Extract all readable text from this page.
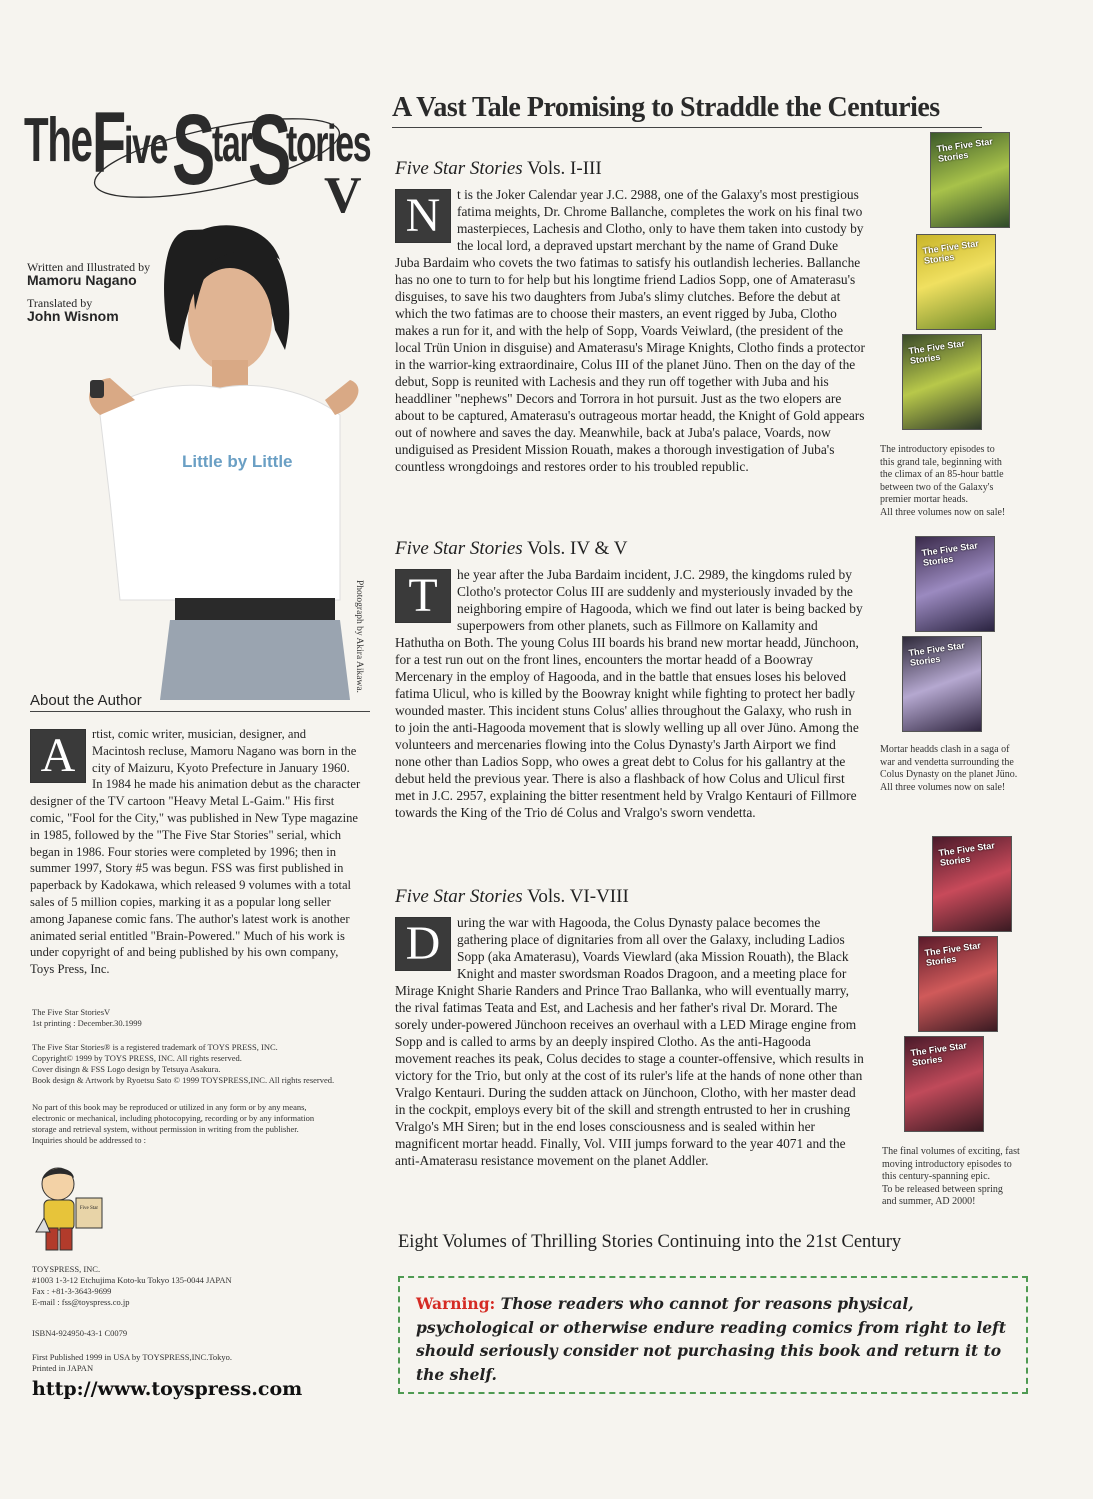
The F ive S
tar
S
tories
V
Written and Illustrated by
Mamoru Nagano
Translated by
John Wisnom
Little by Little
Photograph by Akira Aikawa.
About the Author
A	rtist, comic writer, musician, designer, and Macintosh recluse, Mamoru Nagano was born in the city of Maizuru, Kyoto Prefecture in January 1960. In 1984 he made his animation debut as the character designer of the TV cartoon "Heavy Metal L-Gaim." His first comic, "Fool for the City," was published in New Type magazine in 1985, followed by the "The Five Star Stories" serial, which began in 1986. Four stories were completed by 1996; then in summer 1997, Story #5 was begun. FSS was first published in paperback by Kadokawa, which released 9 volumes with a total sales of 5 million copies, marking it as a popular long seller among Japanese comic fans. The author's latest work is another animated serial entitled "Brain-Powered." Much of his work is under copyright of and being published by his own company, Toys Press, Inc.
The Five Star StoriesV
1st printing : December.30.1999
The Five Star Stories® is a registered trademark of TOYS PRESS, INC.
Copyright© 1999 by TOYS PRESS, INC. All rights reserved.
Cover disingn & FSS Logo design by Tetsuya Asakura.
Book design & Artwork by Ryoetsu Sato © 1999 TOYSPRESS,INC. All rights reserved.
No part of this book may be reproduced or utilized in any form or by any means,
electronic or mechanical, including photocopying, recording or by any information
storage and retrieval system, without permission in writing from the publisher.
Inquiries should be addressed to :
Five Star
TOYSPRESS, INC.
#1003 1-3-12 Etchujima Koto-ku Tokyo 135-0044 JAPAN
Fax : +81-3-3643-9699
E-mail : fss@toyspress.co.jp
ISBN4-924950-43-1 C0079
First Published 1999 in USA by TOYSPRESS,INC.Tokyo.
Printed in JAPAN
http://www.toyspress.com
A Vast Tale Promising to Straddle the Centuries
Five Star Stories Vols. I-III
N	t is the Joker Calendar year J.C. 2988, one of the Galaxy's most prestigious fatima meights, Dr. Chrome Ballanche, completes the work on his final two masterpieces, Lachesis and Clotho, only to have them taken into custody by the local lord, a depraved upstart merchant by the name of Grand Duke Juba Bardaim who covets the two fatimas to satisfy his outlandish lecheries. Ballanche has no one to turn to for help but his longtime friend Ladios Sopp, one of Amaterasu's disguises, to save his two daughters from Juba's slimy clutches. Before the debut at which the two fatimas are to choose their masters, an event rigged by Juba, Clotho makes a run for it, and with the help of Sopp, Voards Veiwlard, (the president of the local Trün Union in disguise) and Amaterasu's Mirage Knights, Clotho finds a protector in the warrior-king extraordinaire, Colus III of the planet Jüno. Then on the day of the debut, Sopp is reunited with Lachesis and they run off together with Juba and his headdliner "nephews" Decors and Torrora in hot pursuit. Just as the two elopers are about to be captured, Amaterasu's outrageous mortar headd, the Knight of Gold appears out of nowhere and saves the day. Meanwhile, back at Juba's palace, Voards, now undiguised as President Mission Rouath, makes a thorough investigation of Juba's countless wrongdoings and restores order to his troubled republic.
Five Star Stories Vols. IV & V
T	he year after the Juba Bardaim incident, J.C. 2989, the kingdoms ruled by Clotho's protector Colus III are suddenly and mysteriously invaded by the neighboring empire of Hagooda, which we find out later is being backed by superpowers from other planets, such as Fillmore on Kallamity and Hathutha on Both. The young Colus III boards his brand new mortar headd, Jünchoon, for a test run out on the front lines, encounters the mortar headd of a Boowray Mercenary in the employ of Hagooda, and in the battle that ensues loses his beloved fatima Ulicul, who is killed by the Boowray knight while fighting to protect her badly wounded master. This incident stuns Colus' allies throughout the Galaxy, who rush in to join the anti-Hagooda movement that is slowly welling up all over Jüno. Among the volunteers and mercenaries flowing into the Colus Dynasty's Jarth Airport we find none other than Ladios Sopp, who owes a great debt to Colus for his gallantry at the debut held the previous year. There is also a flashback of how Colus and Ulicul first met in J.C. 2957, explaining the bitter resentment held by Vralgo Kentauri of Fillmore towards the King of the Trio dé Colus and Vralgo's sworn vendetta.
Five Star Stories Vols. VI-VIII
D	uring the war with Hagooda, the Colus Dynasty palace becomes the gathering place of dignitaries from all over the Galaxy, including Ladios Sopp (aka Amaterasu), Voards Viewlard (aka Mission Rouath), the Black Knight and master swordsman Roados Dragoon, and a meeting place for Mirage Knight Sharie Randers and Prince Trao Ballanka, who will eventually marry, the rival fatimas Teata and Est, and Lachesis and her father's rival Dr. Morard. The sorely under-powered Jünchoon receives an overhaul with a LED Mirage engine from Sopp and is called to arms by an deeply inspired Clotho. As the anti-Hagooda movement reaches its peak, Colus decides to stage a counter-offensive, which results in victory for the Trio, but only at the cost of its ruler's life at the hands of none other than Vralgo Kentauri. During the sudden attack on Jünchoon, Clotho, with her master dead in the cockpit, employs every bit of the skill and strength entrusted to her in crushing Vralgo's MH Siren; but in the end loses consciousness and is sealed within her magnificent mortar headd. Finally, Vol. VIII jumps forward to the year 4071 and the anti-Amaterasu resistance movement on the planet Addler.
The Five Star Stories
The Five Star Stories
The Five Star Stories
The introductory episodes to
this grand tale, beginning with
the climax of an 85-hour battle
between two of the Galaxy's
premier mortar heads.
All three volumes now on sale!
The Five Star Stories
The Five Star Stories
Mortar headds clash in a saga of
war and vendetta surrounding the
Colus Dynasty on the planet Jüno.
All three volumes now on sale!
The Five Star Stories
The Five Star Stories
The Five Star Stories
The final volumes of exciting, fast
moving introductory episodes to
this century-spanning epic.
To be released between spring
and summer, AD 2000!
Eight Volumes of Thrilling Stories Continuing into the 21st Century
Warning: Those readers who cannot for reasons physical, psychological or otherwise endure reading comics from right to left should seriously consider not purchasing this book and return it to the shelf.
